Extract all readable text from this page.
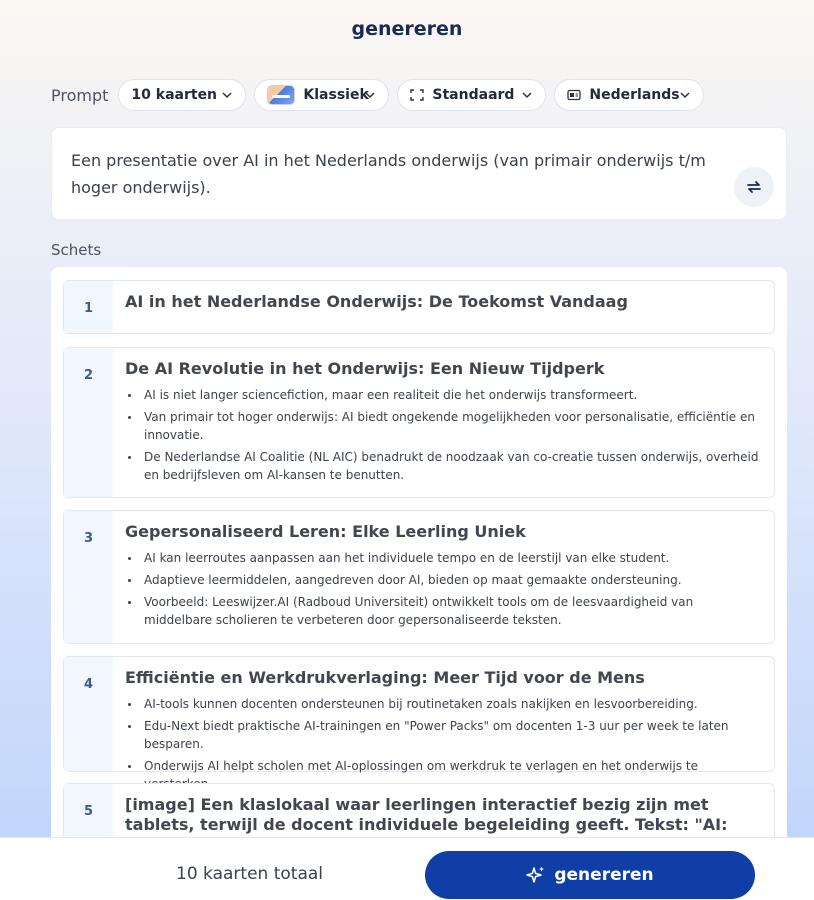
genereren
Prompt 10 kaarten	Klassiek	Standaard	Nederlands
Een presentatie over AI in het Nederlands onderwijs (van primair onderwijs t/m hoger onderwijs).
Schets
1	AI in het Nederlandse Onderwijs: De Toekomst Vandaag
2	De AI Revolutie in het Onderwijs: Een Nieuw Tijdperk
AI is niet langer sciencefiction, maar een realiteit die het onderwijs transformeert.
Van primair tot hoger onderwijs: AI biedt ongekende mogelijkheden voor personalisatie, efficiëntie en innovatie.
De Nederlandse AI Coalitie (NL AIC) benadrukt de noodzaak van co-creatie tussen onderwijs, overheid en bedrijfsleven om AI-kansen te benutten.
3	Gepersonaliseerd Leren: Elke Leerling Uniek
AI kan leerroutes aanpassen aan het individuele tempo en de leerstijl van elke student.
Adaptieve leermiddelen, aangedreven door AI, bieden op maat gemaakte ondersteuning.
Voorbeeld: Leeswijzer.AI (Radboud Universiteit) ontwikkelt tools om de leesvaardigheid van middelbare scholieren te verbeteren door gepersonaliseerde teksten.
4	Efficiëntie en Werkdrukverlaging: Meer Tijd voor de Mens
AI-tools kunnen docenten ondersteunen bij routinetaken zoals nakijken en lesvoorbereiding.
Edu-Next biedt praktische AI-trainingen en "Power Packs" om docenten 1-3 uur per week te laten besparen.
Onderwijs AI helpt scholen met AI-oplossingen om werkdruk te verlagen en het onderwijs te
5	[image] Een klaslokaal waar leerlingen interactief bezig zijn met tablets, terwijl de docent individuele begeleiding geeft. Tekst: "AI:
10 kaarten totaal	genereren
